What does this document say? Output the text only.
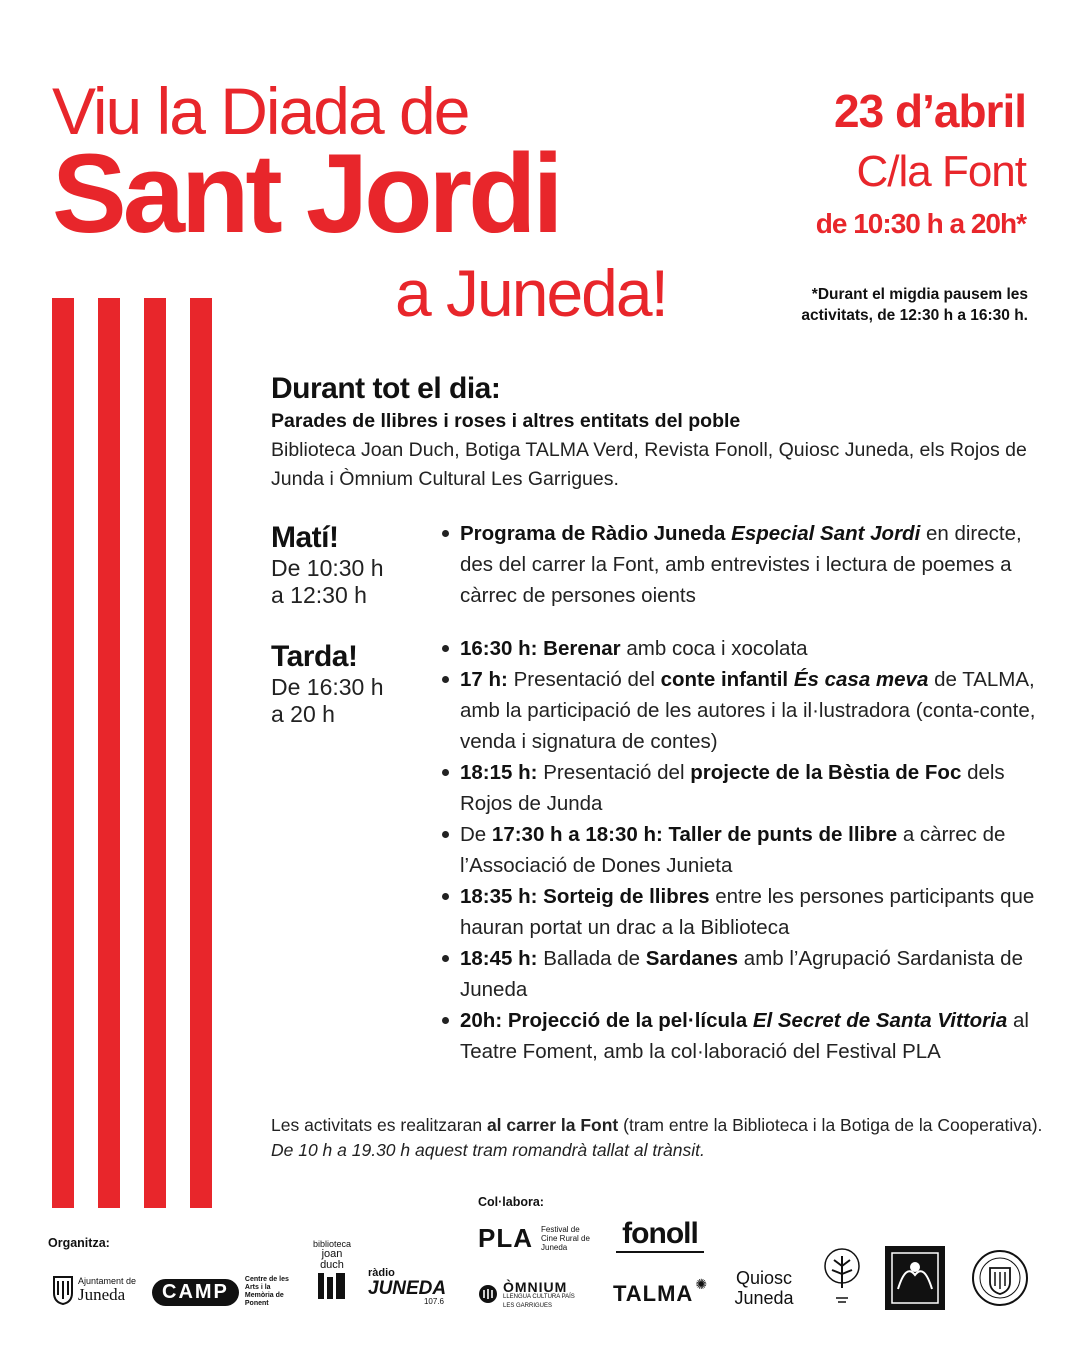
Viu la Diada de
Sant Jordi
a Juneda!
23 d’abril
C/la Font
de 10:30 h a 20h*
*Durant el migdia pausem les activitats, de 12:30 h a 16:30 h.
Durant tot el dia:
Parades de llibres i roses i altres entitats del poble
Biblioteca Joan Duch, Botiga TALMA Verd, Revista Fonoll, Quiosc Juneda, els Rojos de Junda i Òmnium Cultural Les Garrigues.
Matí!
De 10:30 h
a 12:30 h
Programa de Ràdio Juneda Especial Sant Jordi en directe, des del carrer la Font, amb entrevistes i lectura de poemes a càrrec de persones oients
Tarda!
De 16:30 h
a 20 h
16:30 h: Berenar amb coca i xocolata
17 h: Presentació del conte infantil És casa meva de TALMA, amb la participació de les autores i la il·lustradora (conta-conte, venda i signatura de contes)
18:15 h: Presentació del projecte de la Bèstia de Foc dels Rojos de Junda
De 17:30 h a 18:30 h: Taller de punts de llibre a càrrec de l’Associació de Dones Junieta
18:35 h: Sorteig de llibres entre les persones participants que hauran portat un drac a la Biblioteca
18:45 h: Ballada de Sardanes amb l’Agrupació Sardanista de Juneda
20h: Projecció de la pel·lícula El Secret de Santa Vittoria al Teatre Foment, amb la col·laboració del Festival PLA
Les activitats es realitzaran al carrer la Font (tram entre la Biblioteca i la Botiga de la Cooperativa). De 10 h a 19.30 h aquest tram romandrà tallat al trànsit.
Organitza:
Col·labora:
Ajuntament de
Juneda	CAMP
Centre de les Arts i la Memòria de Ponent
biblioteca
joan duch
ràdio
JUNEDA
107.6
PLA Festival de Cine Rural de Juneda	fonoll
ÒMNIUM
LLENGUA CULTURA PAÍS
LES GARRIGUES	TALMA ✺ Quiosc
Juneda
